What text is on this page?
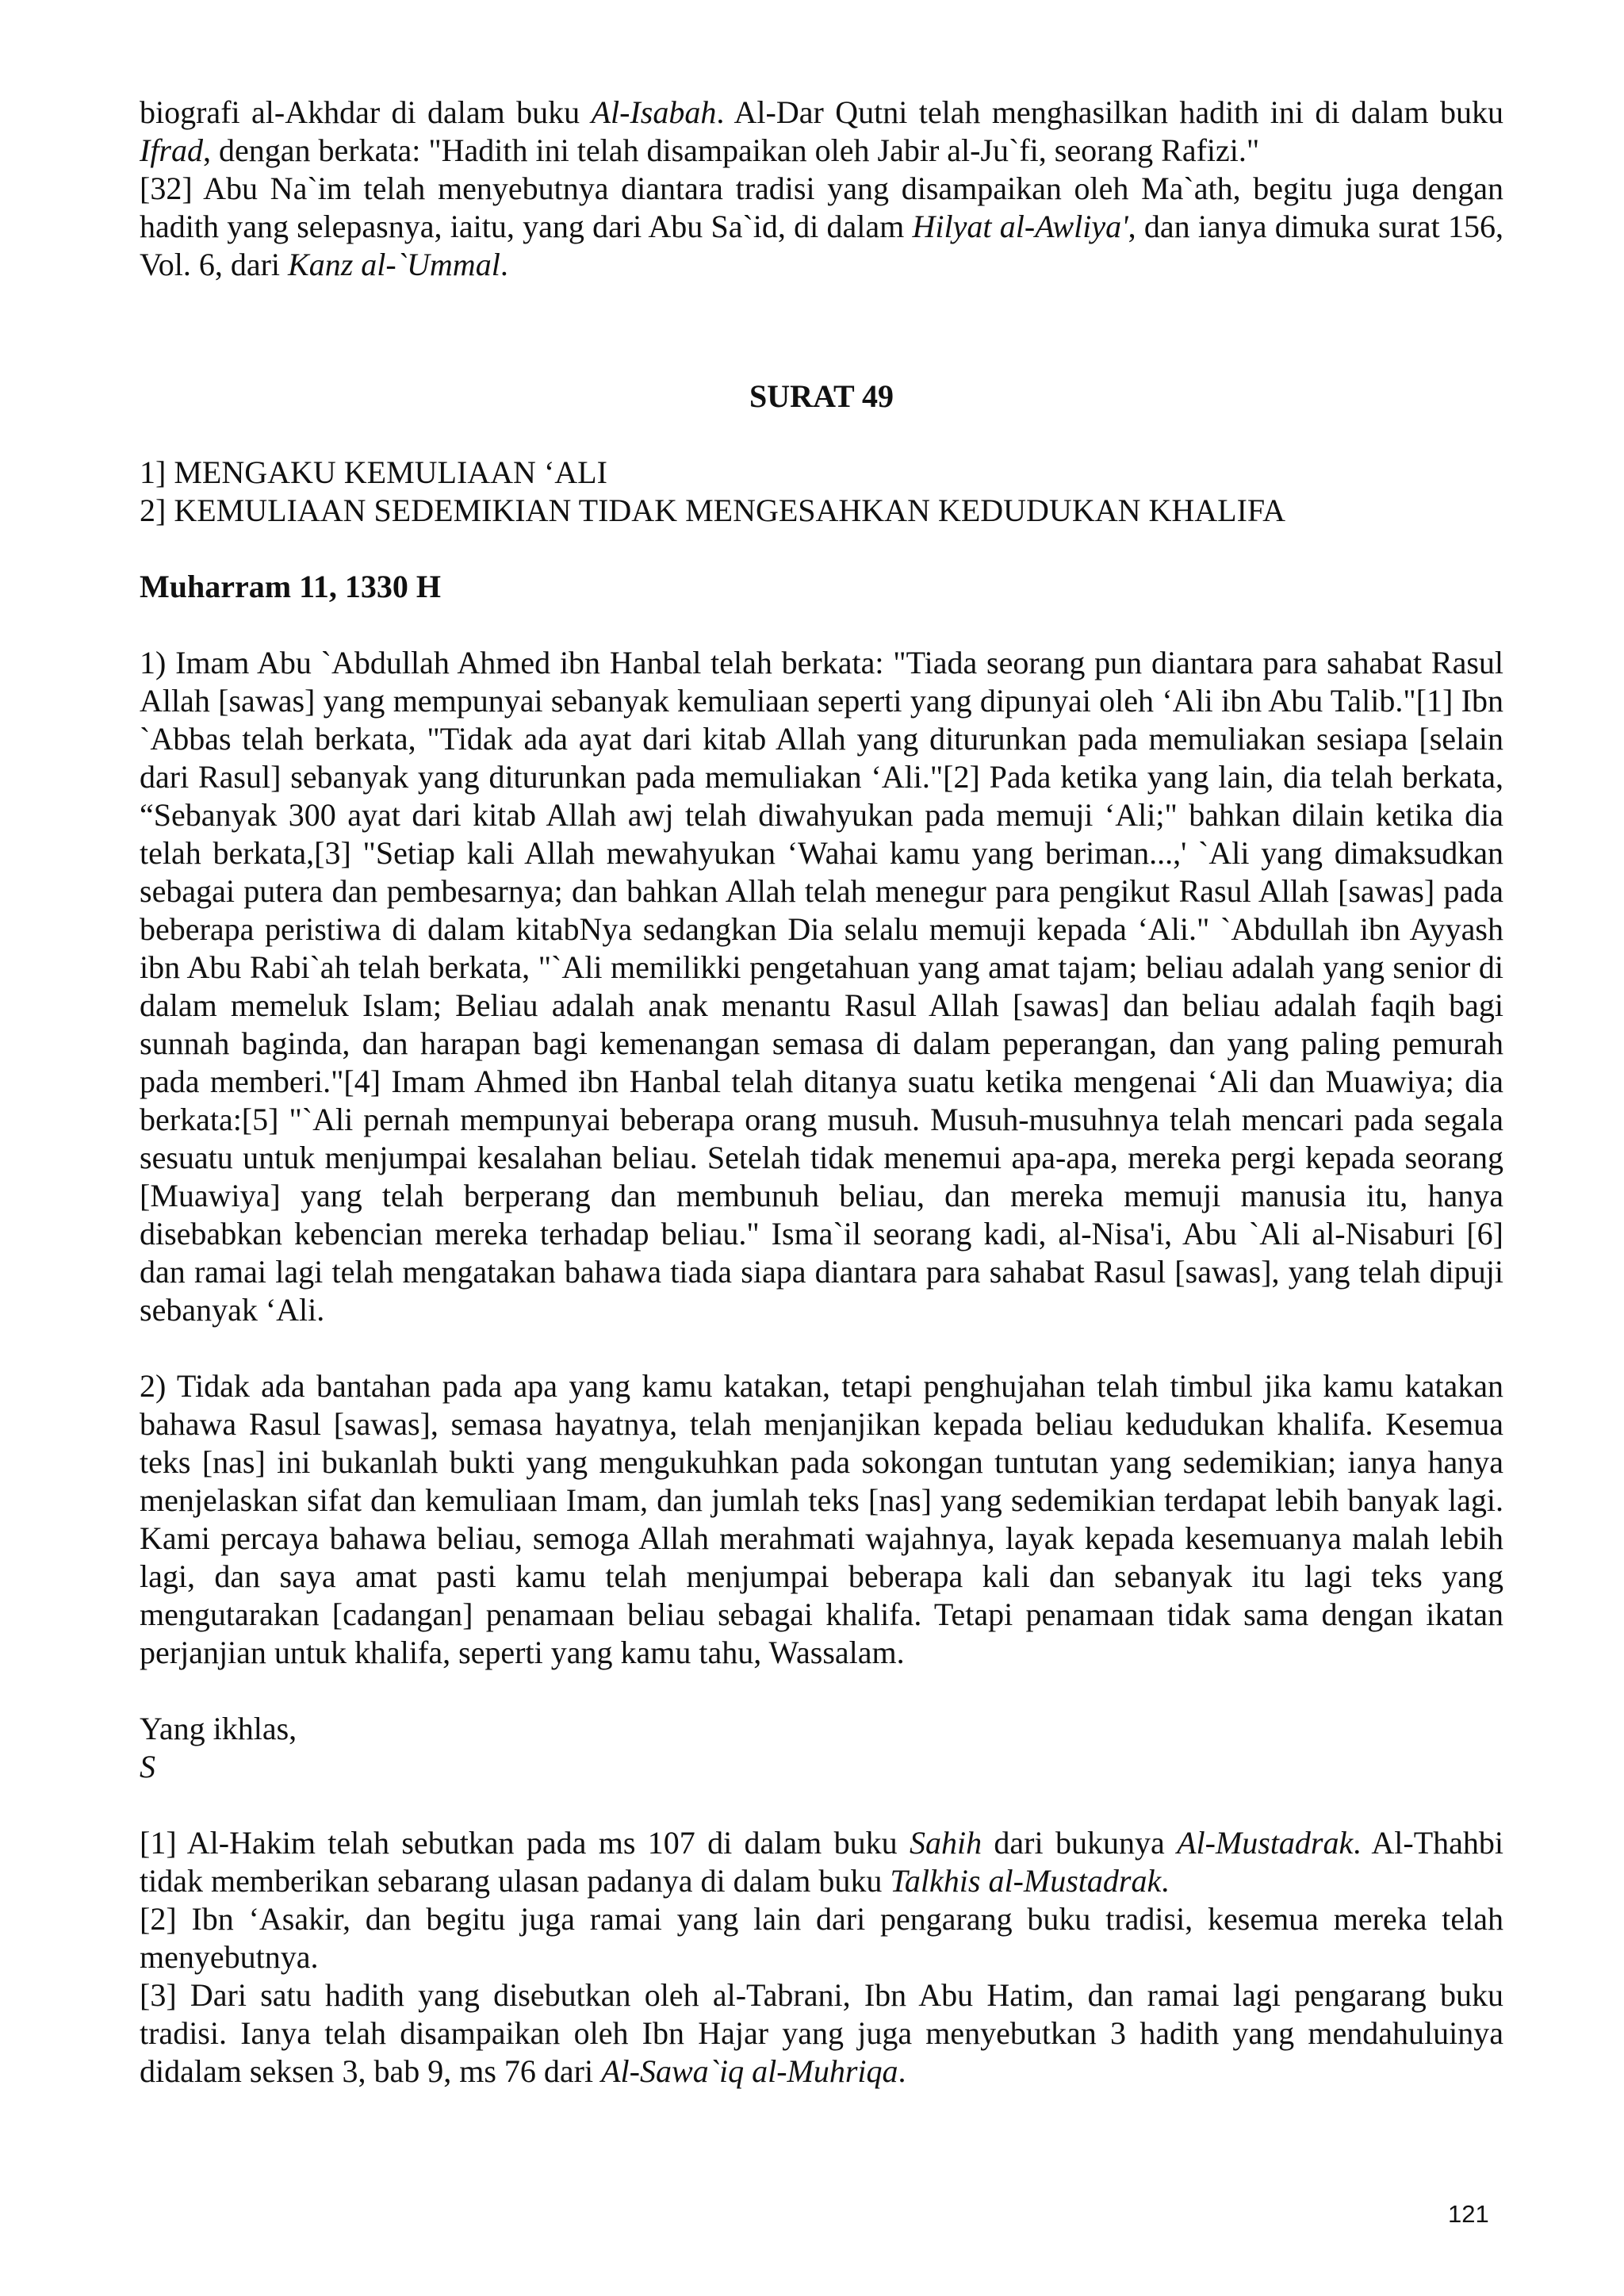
biografi al-Akhdar di dalam buku Al-Isabah. Al-Dar Qutni telah menghasilkan hadith ini di dalam buku Ifrad, dengan berkata: "Hadith ini telah disampaikan oleh Jabir al-Ju`fi, seorang Rafizi."

[32] Abu Na`im telah menyebutnya diantara tradisi yang disampaikan oleh Ma`ath, begitu juga dengan hadith yang selepasnya, iaitu, yang dari Abu Sa`id, di dalam Hilyat al-Awliya', dan ianya dimuka surat 156, Vol. 6, dari Kanz al-`Ummal.

SURAT 49

1] MENGAKU KEMULIAAN ‘ALI

2] KEMULIAAN SEDEMIKIAN TIDAK MENGESAHKAN KEDUDUKAN KHALIFA

Muharram 11, 1330 H

1) Imam Abu `Abdullah Ahmed ibn Hanbal telah berkata: "Tiada seorang pun diantara para sahabat Rasul Allah [sawas] yang mempunyai sebanyak kemuliaan seperti yang dipunyai oleh ‘Ali ibn Abu Talib."[1] Ibn `Abbas telah berkata, "Tidak ada ayat dari kitab Allah yang diturunkan pada memuliakan sesiapa [selain dari Rasul] sebanyak yang diturunkan pada memuliakan ‘Ali."[2] Pada ketika yang lain, dia telah berkata, “Sebanyak 300 ayat dari kitab Allah awj telah diwahyukan pada memuji ‘Ali;" bahkan dilain ketika dia telah berkata,[3] "Setiap kali Allah mewahyukan ‘Wahai kamu yang beriman...,' `Ali yang dimaksudkan sebagai putera dan pembesarnya; dan bahkan Allah telah menegur para pengikut Rasul Allah [sawas] pada beberapa peristiwa di dalam kitabNya sedangkan Dia selalu memuji kepada ‘Ali." `Abdullah ibn Ayyash ibn Abu Rabi`ah telah berkata, "`Ali memilikki pengetahuan yang amat tajam; beliau adalah yang senior di dalam memeluk Islam; Beliau adalah anak menantu Rasul Allah [sawas] dan beliau adalah faqih bagi sunnah baginda, dan harapan bagi kemenangan semasa di dalam peperangan, dan yang paling pemurah pada memberi."[4] Imam Ahmed ibn Hanbal telah ditanya suatu ketika mengenai ‘Ali dan Muawiya; dia berkata:[5] "`Ali pernah mempunyai beberapa orang musuh. Musuh-musuhnya telah mencari pada segala sesuatu untuk menjumpai kesalahan beliau. Setelah tidak menemui apa-apa, mereka pergi kepada seorang [Muawiya] yang telah berperang dan membunuh beliau, dan mereka memuji manusia itu, hanya disebabkan kebencian mereka terhadap beliau." Isma`il seorang kadi, al-Nisa'i, Abu `Ali al-Nisaburi [6] dan ramai lagi telah mengatakan bahawa tiada siapa diantara para sahabat Rasul [sawas], yang telah dipuji sebanyak ‘Ali.

2) Tidak ada bantahan pada apa yang kamu katakan, tetapi penghujahan telah timbul jika kamu katakan bahawa Rasul [sawas], semasa hayatnya, telah menjanjikan kepada beliau kedudukan khalifa. Kesemua teks [nas] ini bukanlah bukti yang mengukuhkan pada sokongan tuntutan yang sedemikian; ianya hanya menjelaskan sifat dan kemuliaan Imam, dan jumlah teks [nas] yang sedemikian terdapat lebih banyak lagi. Kami percaya bahawa beliau, semoga Allah merahmati wajahnya, layak kepada kesemuanya malah lebih lagi, dan saya amat pasti kamu telah menjumpai beberapa kali dan sebanyak itu lagi teks yang mengutarakan [cadangan] penamaan beliau sebagai khalifa. Tetapi penamaan tidak sama dengan ikatan perjanjian untuk khalifa, seperti yang kamu tahu, Wassalam.

Yang ikhlas,

S

[1] Al-Hakim telah sebutkan pada ms 107 di dalam buku Sahih dari bukunya Al-Mustadrak. Al-Thahbi tidak memberikan sebarang ulasan padanya di dalam buku Talkhis al-Mustadrak.

[2] Ibn ‘Asakir, dan begitu juga ramai yang lain dari pengarang buku tradisi, kesemua mereka telah menyebutnya.

[3] Dari satu hadith yang disebutkan oleh al-Tabrani, Ibn Abu Hatim, dan ramai lagi pengarang buku tradisi. Ianya telah disampaikan oleh Ibn Hajar yang juga menyebutkan 3 hadith yang mendahuluinya didalam seksen 3, bab 9, ms 76 dari Al-Sawa`iq al-Muhriqa.

121
